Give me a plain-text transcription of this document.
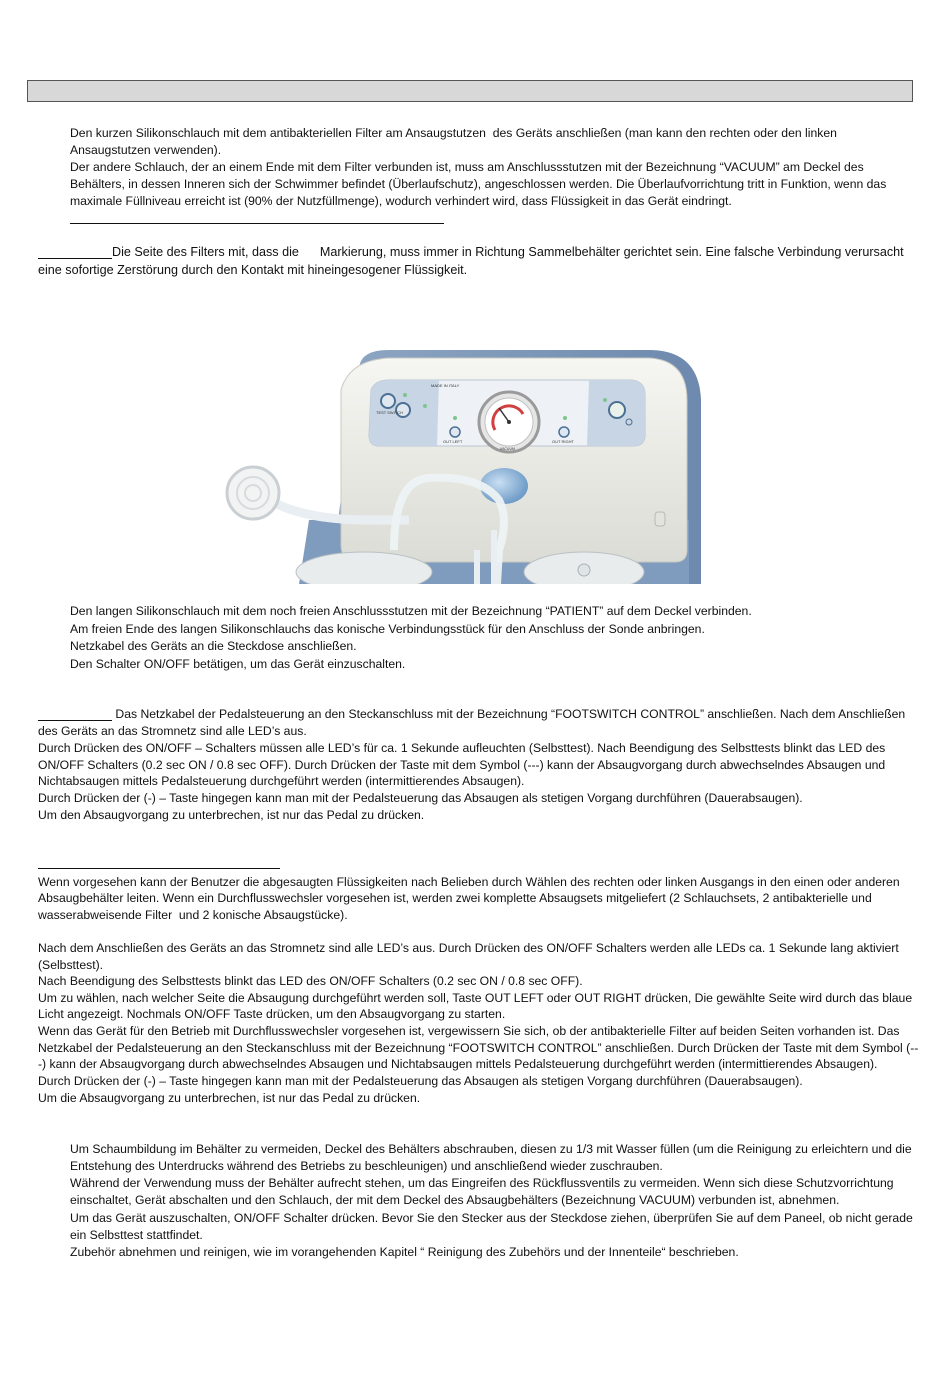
Den kurzen Silikonschlauch mit dem antibakteriellen Filter am Ansaugstutzen  des Geräts anschließen (man kann den rechten oder den linken
Ansaugstutzen verwenden).
Der andere Schlauch, der an einem Ende mit dem Filter verbunden ist, muss am Anschlussstutzen mit der Bezeichnung “VACUUM” am Deckel des
Behälters, in dessen Inneren sich der Schwimmer befindet (Überlaufschutz), angeschlossen werden. Die Überlaufvorrichtung tritt in Funktion, wenn das
maximale Füllniveau erreicht ist (90% der Nutzfüllmenge), wodurch verhindert wird, dass Flüssigkeit in das Gerät eindringt.
Die Seite des Filters mit, dass die      Markierung, muss immer in Richtung Sammelbehälter gerichtet sein. Eine falsche Verbindung verursacht
eine sofortige Zerstörung durch den Kontakt mit hineingesogener Flüssigkeit.
MADE IN ITALY
TEST SWITCH
OUT LEFT	OUT RIGHT
VACUUM
Den langen Silikonschlauch mit dem noch freien Anschlussstutzen mit der Bezeichnung “PATIENT” auf dem Deckel verbinden.
Am freien Ende des langen Silikonschlauchs das konische Verbindungsstück für den Anschluss der Sonde anbringen.
Netzkabel des Geräts an die Steckdose anschließen.
Den Schalter ON/OFF betätigen, um das Gerät einzuschalten.
Das Netzkabel der Pedalsteuerung an den Steckanschluss mit der Bezeichnung “FOOTSWITCH CONTROL” anschließen. Nach dem Anschließen
des Geräts an das Stromnetz sind alle LED’s aus.
Durch Drücken des ON/OFF – Schalters müssen alle LED’s für ca. 1 Sekunde aufleuchten (Selbsttest). Nach Beendigung des Selbsttests blinkt das LED des
ON/OFF Schalters (0.2 sec ON / 0.8 sec OFF). Durch Drücken der Taste mit dem Symbol (---) kann der Absaugvorgang durch abwechselndes Absaugen und
Nichtabsaugen mittels Pedalsteuerung durchgeführt werden (intermittierendes Absaugen).
Durch Drücken der (-) – Taste hingegen kann man mit der Pedalsteuerung das Absaugen als stetigen Vorgang durchführen (Dauerabsaugen).
Um den Absaugvorgang zu unterbrechen, ist nur das Pedal zu drücken.
Wenn vorgesehen kann der Benutzer die abgesaugten Flüssigkeiten nach Belieben durch Wählen des rechten oder linken Ausgangs in den einen oder anderen
Absaugbehälter leiten. Wenn ein Durchflusswechsler vorgesehen ist, werden zwei komplette Absaugsets mitgeliefert (2 Schlauchsets, 2 antibakterielle und
wasserabweisende Filter  und 2 konische Absaugstücke).
Nach dem Anschließen des Geräts an das Stromnetz sind alle LED’s aus. Durch Drücken des ON/OFF Schalters werden alle LEDs ca. 1 Sekunde lang aktiviert
(Selbsttest).
Nach Beendigung des Selbsttests blinkt das LED des ON/OFF Schalters (0.2 sec ON / 0.8 sec OFF).
Um zu wählen, nach welcher Seite die Absaugung durchgeführt werden soll, Taste OUT LEFT oder OUT RIGHT drücken, Die gewählte Seite wird durch das blaue
Licht angezeigt. Nochmals ON/OFF Taste drücken, um den Absaugvorgang zu starten.
Wenn das Gerät für den Betrieb mit Durchflusswechsler vorgesehen ist, vergewissern Sie sich, ob der antibakterielle Filter auf beiden Seiten vorhanden ist. Das
Netzkabel der Pedalsteuerung an den Steckanschluss mit der Bezeichnung “FOOTSWITCH CONTROL” anschließen. Durch Drücken der Taste mit dem Symbol (--
-) kann der Absaugvorgang durch abwechselndes Absaugen und Nichtabsaugen mittels Pedalsteuerung durchgeführt werden (intermittierendes Absaugen).
Durch Drücken der (-) – Taste hingegen kann man mit der Pedalsteuerung das Absaugen als stetigen Vorgang durchführen (Dauerabsaugen).
Um die Absaugvorgang zu unterbrechen, ist nur das Pedal zu drücken.
Um Schaumbildung im Behälter zu vermeiden, Deckel des Behälters abschrauben, diesen zu 1/3 mit Wasser füllen (um die Reinigung zu erleichtern und die
Entstehung des Unterdrucks während des Betriebs zu beschleunigen) und anschließend wieder zuschrauben.
Während der Verwendung muss der Behälter aufrecht stehen, um das Eingreifen des Rückflussventils zu vermeiden. Wenn sich diese Schutzvorrichtung
einschaltet, Gerät abschalten und den Schlauch, der mit dem Deckel des Absaugbehälters (Bezeichnung VACUUM) verbunden ist, abnehmen.
Um das Gerät auszuschalten, ON/OFF Schalter drücken. Bevor Sie den Stecker aus der Steckdose ziehen, überprüfen Sie auf dem Paneel, ob nicht gerade
ein Selbsttest stattfindet.
Zubehör abnehmen und reinigen, wie im vorangehenden Kapitel “ Reinigung des Zubehörs und der Innenteile“ beschrieben.
